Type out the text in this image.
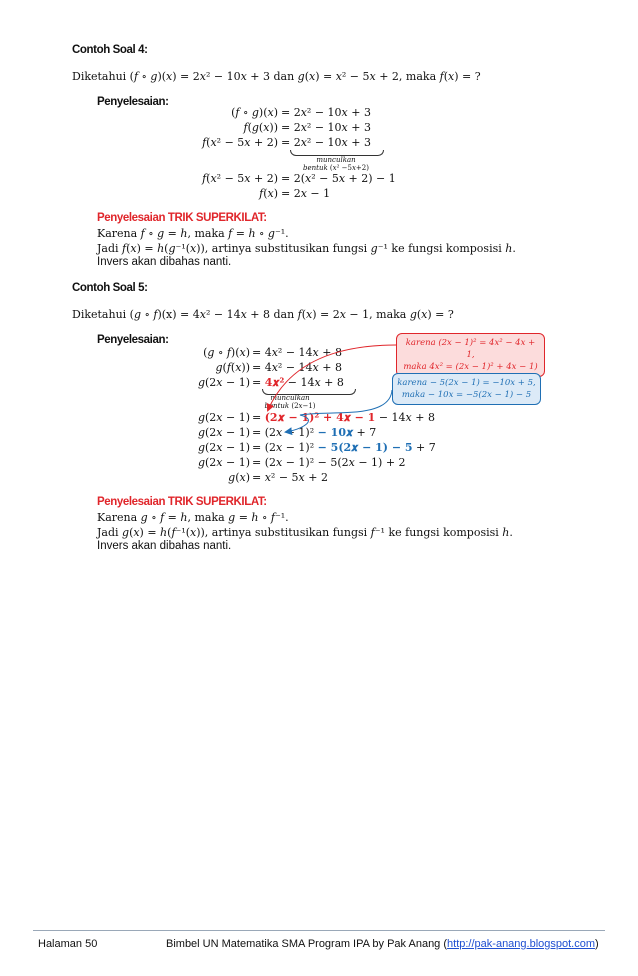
Contoh Soal 4:
Diketahui (𝑓 ∘ 𝑔)(𝑥) = 2𝑥² − 10𝑥 + 3 dan 𝑔(𝑥) = 𝑥² − 5𝑥 + 2, maka 𝑓(𝑥) = ?
Penyelesaian:
(𝑓 ∘ 𝑔)(𝑥) = 2𝑥² − 10𝑥 + 3
𝑓(𝑔(𝑥)) = 2𝑥² − 10𝑥 + 3
𝑓(𝑥² − 5𝑥 + 2) = 2𝑥² − 10𝑥 + 3
𝑚𝑢𝑛𝑐𝑢𝑙𝑘𝑎𝑛
𝑏𝑒𝑛𝑡𝑢𝑘 (𝑥² −5𝑥+2)
𝑓(𝑥² − 5𝑥 + 2) = 2(𝑥² − 5𝑥 + 2) − 1
𝑓(𝑥) = 2𝑥 − 1
Penyelesaian TRIK SUPERKILAT:
Karena 𝑓 ∘ 𝑔 = ℎ, maka 𝑓 = ℎ ∘ 𝑔⁻¹.
Jadi 𝑓(𝑥) = ℎ(𝑔⁻¹(𝑥)), artinya substitusikan fungsi 𝑔⁻¹ ke fungsi komposisi ℎ.
Invers akan dibahas nanti.
Contoh Soal 5:
Diketahui (𝑔 ∘ 𝑓)(x) = 4𝑥² − 14𝑥 + 8 dan 𝑓(𝑥) = 2𝑥 − 1, maka 𝑔(𝑥) = ?
Penyelesaian:
(𝑔 ∘ 𝑓)(𝑥) = 4𝑥² − 14𝑥 + 8
𝑔(𝑓(𝑥)) = 4𝑥² − 14𝑥 + 8
𝑔(2𝑥 − 1) = 4𝒙² − 14𝑥 + 8
𝑚𝑢𝑛𝑐𝑢𝑙𝑘𝑎𝑛
𝑏𝑒𝑛𝑡𝑢𝑘 (2𝑥−1)
𝑔(2𝑥 − 1) = (𝟐𝒙 − 𝟏)² + 𝟒𝒙 − 𝟏 − 14𝑥 + 8
𝑔(2𝑥 − 1) = (2𝑥 − 1)² − 𝟏𝟎𝒙 + 7
𝑔(2𝑥 − 1) = (2𝑥 − 1)² − 𝟓(𝟐𝒙 − 𝟏) − 𝟓 + 7
𝑔(2𝑥 − 1) = (2𝑥 − 1)² − 5(2𝑥 − 1) + 2
𝑔(𝑥) = 𝑥² − 5𝑥 + 2
karena (2𝑥 − 1)² = 4𝑥² − 4𝑥 + 1,
maka 4𝑥² = (2𝑥 − 1)² + 4𝑥 − 1)
karena − 5(2𝑥 − 1) = −10𝑥 + 5,
maka − 10𝑥 = −5(2𝑥 − 1) − 5
Penyelesaian TRIK SUPERKILAT:
Karena 𝑔 ∘ 𝑓 = ℎ, maka 𝑔 = ℎ ∘ 𝑓⁻¹.
Jadi 𝑔(𝑥) = ℎ(𝑓⁻¹(𝑥)), artinya substitusikan fungsi 𝑓⁻¹ ke fungsi komposisi ℎ.
Invers akan dibahas nanti.
Halaman 50	Bimbel UN Matematika SMA Program IPA by Pak Anang (http://pak-anang.blogspot.com)
